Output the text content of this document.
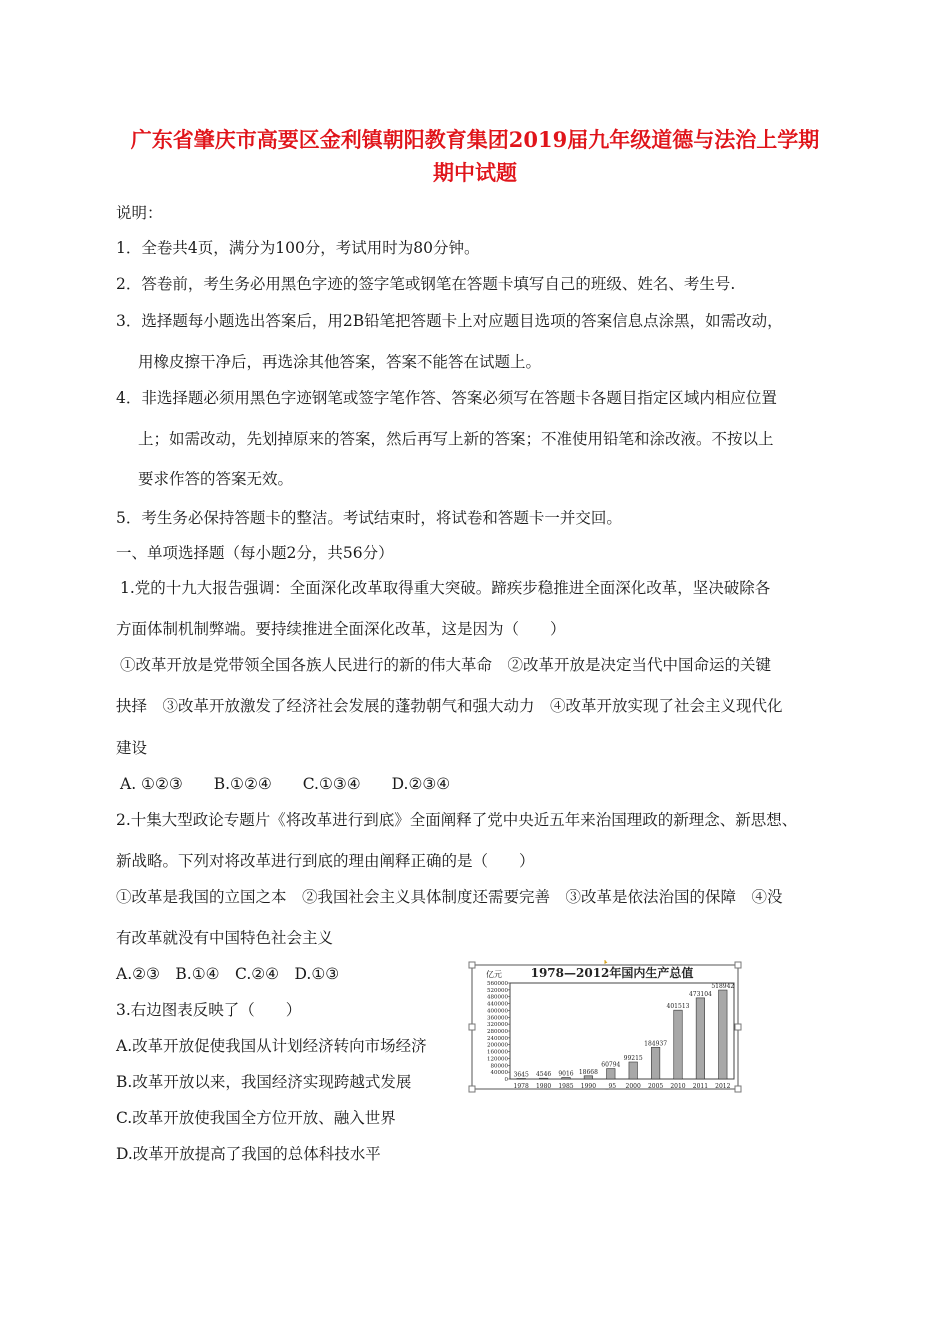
广东省肇庆市高要区金利镇朝阳教育集团2019届九年级道德与法治上学期
期中试题
说明：
1．全卷共4页，满分为100分，考试用时为80分钟。
2．答卷前，考生务必用黑色字迹的签字笔或钢笔在答题卡填写自己的班级、姓名、考生号.
3．选择题每小题选出答案后，用2B铅笔把答题卡上对应题目选项的答案信息点涂黑，如需改动，
用橡皮擦干净后，再选涂其他答案，答案不能答在试题上。
4．非选择题必须用黑色字迹钢笔或签字笔作答、答案必须写在答题卡各题目指定区域内相应位置
上；如需改动，先划掉原来的答案，然后再写上新的答案；不准使用铅笔和涂改液。不按以上
要求作答的答案无效。
5．考生务必保持答题卡的整洁。考试结束时，将试卷和答题卡一并交回。
一、单项选择题（每小题2分，共56分）
1.党的十九大报告强调：全面深化改革取得重大突破。蹄疾步稳推进全面深化改革，坚决破除各
方面体制机制弊端。要持续推进全面深化改革，这是因为（　　）
①改革开放是党带领全国各族人民进行的新的伟大革命　②改革开放是决定当代中国命运的关键
抉择　③改革开放激发了经济社会发展的蓬勃朝气和强大动力　④改革开放实现了社会主义现代化
建设
A. ①②③　　B.①②④　　C.①③④　　D.②③④
2.十集大型政论专题片《将改革进行到底》全面阐释了党中央近五年来治国理政的新理念、新思想、
新战略。下列对将改革进行到底的理由阐释正确的是（　　）
①改革是我国的立国之本　②我国社会主义具体制度还需要完善　③改革是依法治国的保障　④没
有改革就没有中国特色社会主义
A.②③　B.①④　C.②④　D.①③
3.右边图表反映了（　　）
A.改革开放促使我国从计划经济转向市场经济
B.改革开放以来，我国经济实现跨越式发展
C.改革开放使我国全方位开放、融入世界
D.改革开放提高了我国的总体科技水平
ꔪ
亿元 1978—2012年国内生产总值
560000
520000
480000
440000
400000
360000
320000
280000
240000
200000
160000
120000
80000
40000
0
3645
1978
4546
1980
9016
1985
18668
1990
60794
_95
99215
2000
184937
2005
401513
2010
473104
2011
518942
2012
